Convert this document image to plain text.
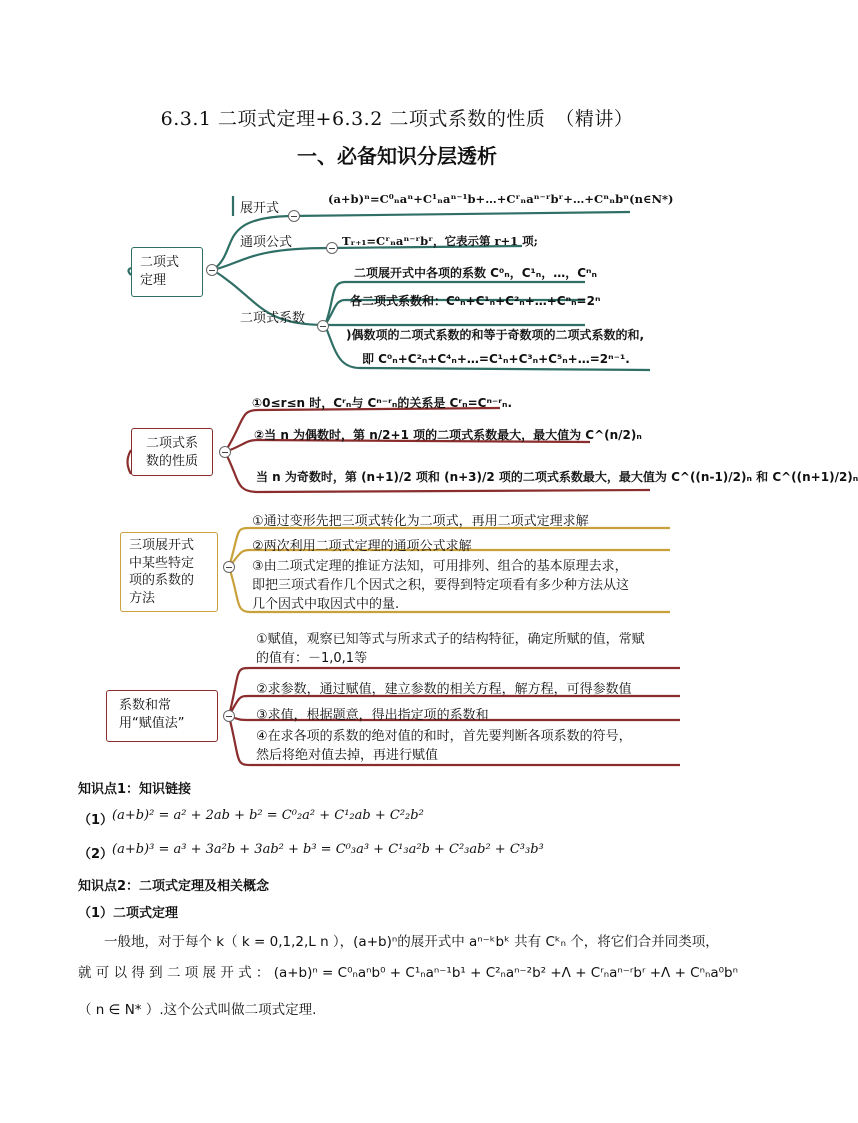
6.3.1 二项式定理+6.3.2 二项式系数的性质　（精讲）
一、必备知识分层透析
二项式
定理
展开式
(a+b)ⁿ=C⁰ₙaⁿ+C¹ₙaⁿ⁻¹b+…+Cʳₙaⁿ⁻ʳbʳ+…+Cⁿₙbⁿ(n∈N*)
通项公式	Tᵣ₊₁=Cʳₙaⁿ⁻ʳbʳ，它表示第 r+1 项;
二项式系数
二项展开式中各项的系数 C⁰ₙ，C¹ₙ，…，Cⁿₙ
各二项式系数和：C⁰ₙ+C¹ₙ+C²ₙ+…+Cⁿₙ=2ⁿ
)偶数项的二项式系数的和等于奇数项的二项式系数的和,
即 C⁰ₙ+C²ₙ+C⁴ₙ+…=C¹ₙ+C³ₙ+C⁵ₙ+…=2ⁿ⁻¹.
二项式系
数的性质
①0≤r≤n 时，Cʳₙ与 Cⁿ⁻ʳₙ的关系是 Cʳₙ=Cⁿ⁻ʳₙ.
②当 n 为偶数时，第 n/2+1 项的二项式系数最大，最大值为 C^(n/2)ₙ
当 n 为奇数时，第 (n+1)/2 项和 (n+3)/2 项的二项式系数最大，最大值为 C^((n-1)/2)ₙ 和 C^((n+1)/2)ₙ
三项展开式
中某些特定
项的系数的
方法
①通过变形先把三项式转化为二项式，再用二项式定理求解
②两次利用二项式定理的通项公式求解
③由二项式定理的推证方法知，可用排列、组合的基本原理去求，
即把三项式看作几个因式之积，要得到特定项看有多少种方法从这
几个因式中取因式中的量.
系数和常
用“赋值法”
①赋值，观察已知等式与所求式子的结构特征，确定所赋的值，常赋
的值有：－1,0,1等
②求参数，通过赋值，建立参数的相关方程，解方程，可得参数值
③求值，根据题意，得出指定项的系数和
④在求各项的系数的绝对值的和时，首先要判断各项系数的符号，
然后将绝对值去掉，再进行赋值
知识点1：知识链接
（1）
(a+b)² = a² + 2ab + b² = C⁰₂a² + C¹₂ab + C²₂b²
（2）
(a+b)³ = a³ + 3a²b + 3ab² + b³ = C⁰₃a³ + C¹₃a²b + C²₃ab² + C³₃b³
知识点2：二项式定理及相关概念
（1）二项式定理
一般地，对于每个 k（ k = 0,1,2,L n ），(a+b)ⁿ的展开式中 aⁿ⁻ᵏbᵏ 共有 Cᵏₙ 个，将它们合并同类项，
就 可 以 得 到 二 项 展 开 式 ： (a+b)ⁿ = C⁰ₙaⁿb⁰ + C¹ₙaⁿ⁻¹b¹ + C²ₙaⁿ⁻²b² +Λ + Cʳₙaⁿ⁻ʳbʳ +Λ + Cⁿₙa⁰bⁿ
（ n ∈ N* ）.这个公式叫做二项式定理.
